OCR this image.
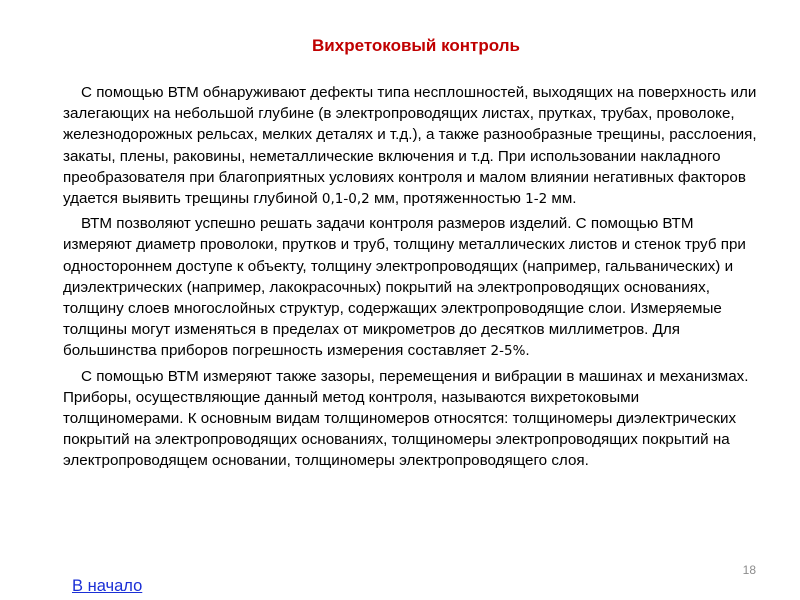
Вихретоковый контроль

С помощью ВТМ обнаруживают дефекты типа несплошностей, выходящих на поверхность или залегающих на небольшой глубине (в электропроводящих листах, прутках, трубах, проволоке, железнодорожных рельсах, мелких деталях и т.д.), а также разнообразные трещины, расслоения, закаты, плены, раковины, неметаллические включения и т.д. При использовании накладного преобразователя при благоприятных условиях контроля и малом влиянии негативных факторов удается выявить трещины глубиной 0,1-0,2 мм, протяженностью 1-2 мм.

ВТМ позволяют успешно решать задачи контроля размеров изделий. С помощью ВТМ измеряют диаметр проволоки, прутков и труб, толщину металлических листов и стенок труб при одностороннем доступе к объекту, толщину электропроводящих (например, гальванических) и диэлектрических (например, лакокрасочных) покрытий на электропроводящих основаниях, толщину слоев многослойных структур, содержащих электропроводящие слои. Измеряемые толщины могут изменяться в пределах от микрометров до десятков миллиметров. Для большинства приборов погрешность измерения составляет 2-5%.

С помощью ВТМ измеряют также зазоры, перемещения и вибрации в машинах и механизмах. Приборы, осуществляющие данный метод контроля, называются вихретоковыми толщиномерами. К основным видам толщиномеров относятся: толщиномеры диэлектрических покрытий на электропроводящих основаниях, толщиномеры электропроводящих покрытий на электропроводящем основании, толщиномеры электропроводящего слоя.

18
В начало
